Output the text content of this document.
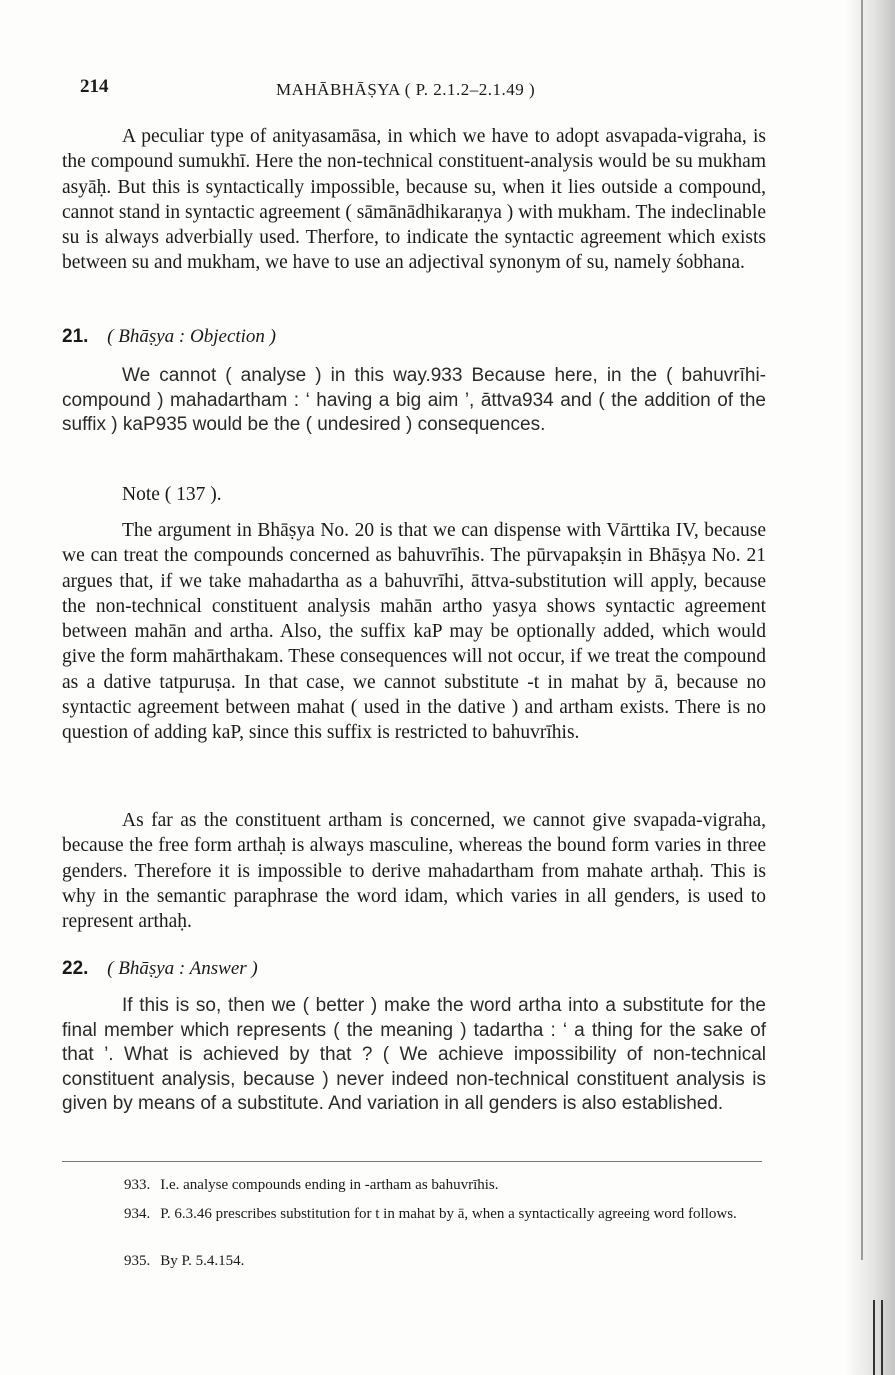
214	MAHĀBHĀṢYA ( P. 2.1.2–2.1.49 )

A peculiar type of anityasamāsa, in which we have to adopt asvapada-vigraha, is the compound sumukhī. Here the non-technical constituent-analysis would be su mukham asyāḥ. But this is syntactically impossible, because su, when it lies outside a compound, cannot stand in syntactic agreement ( sāmānādhikaraṇya ) with mukham. The indeclinable su is always adverbially used. Therfore, to indicate the syntactic agreement which exists between su and mukham, we have to use an adjectival synonym of su, namely śobhana.

21. ( Bhāṣya : Objection )

We cannot ( analyse ) in this way.933 Because here, in the ( bahuvrīhi-compound ) mahadartham : ‘ having a big aim ’, āttva934 and ( the addition of the suffix ) kaP935 would be the ( undesired ) consequences.

Note ( 137 ).

The argument in Bhāṣya No. 20 is that we can dispense with Vārttika IV, because we can treat the compounds concerned as bahuvrīhis. The pūrvapakṣin in Bhāṣya No. 21 argues that, if we take mahadartha as a bahuvrīhi, āttva-substitution will apply, because the non-technical constituent analysis mahān artho yasya shows syntactic agreement between mahān and artha. Also, the suffix kaP may be optionally added, which would give the form mahārthakam. These consequences will not occur, if we treat the compound as a dative tatpuruṣa. In that case, we cannot substitute -t in mahat by ā, because no syntactic agreement between mahat ( used in the dative ) and artham exists. There is no question of adding kaP, since this suffix is restricted to bahuvrīhis.

As far as the constituent artham is concerned, we cannot give svapada-vigraha, because the free form arthaḥ is always masculine, whereas the bound form varies in three genders. Therefore it is impossible to derive mahadartham from mahate arthaḥ. This is why in the semantic paraphrase the word idam, which varies in all genders, is used to represent arthaḥ.

22. ( Bhāṣya : Answer )

If this is so, then we ( better ) make the word artha into a substitute for the final member which represents ( the meaning ) tadartha : ‘ a thing for the sake of that ’. What is achieved by that ? ( We achieve impossibility of non-technical constituent analysis, because ) never indeed non-technical constituent analysis is given by means of a substitute. And variation in all genders is also established.

933. I.e. analyse compounds ending in -artham as bahuvrīhis.
934. P. 6.3.46 prescribes substitution for t in mahat by ā, when a syntactically agreeing word follows.
935. By P. 5.4.154.
